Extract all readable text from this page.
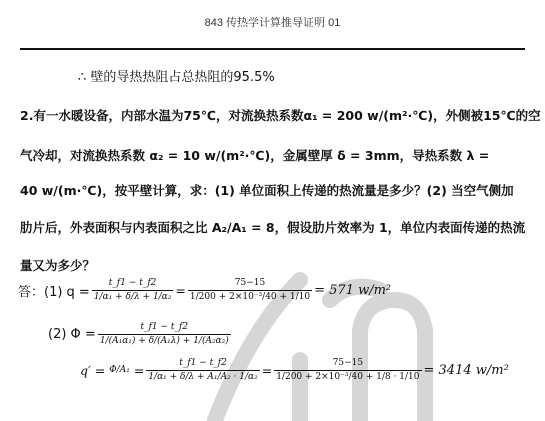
843 传热学计算推导证明 01
∴ 壁的导热热阻占总热阻的95.5%
2.有一水暖设备，内部水温为75℃，对流换热系数α₁ = 200 w/(m²·℃)，外侧被15℃的空
气冷却，对流换热系数 α₂ = 10 w/(m²·℃)，金属壁厚 δ = 3mm，导热系数 λ =
40 w/(m·℃)，按平壁计算，求：(1) 单位面积上传递的热流量是多少？(2) 当空气侧加
肋片后，外表面积与内表面积之比 A₂/A₁ = 8，假设肋片效率为 1，单位内表面传递的热流
量又为多少？
答：(1) $q = \frac{t\_f1 - t\_f2}{\text{1/α₁ + δ/λ + 1/α₂}} = \frac{75-15}{\text{1/200 + 2×10⁻³/40 + 1/10}} = 571$ w/m²
(2) $\Phi = \frac{t\_f1 - t\_f2}{\text{1/(A₁α₁) + δ/(A₁λ) + 1/(A₂α₂)}}$
$q' = \Phi/A_1 = \frac{t\_f1 - t\_f2}{\text{1/α₁ + δ/λ + A₁/A₂ · 1/α₂}} = \frac{75-15}{\text{1/200 + 2×10⁻³/40 + 1/8 · 1/10}} = 3414$ w/m²
